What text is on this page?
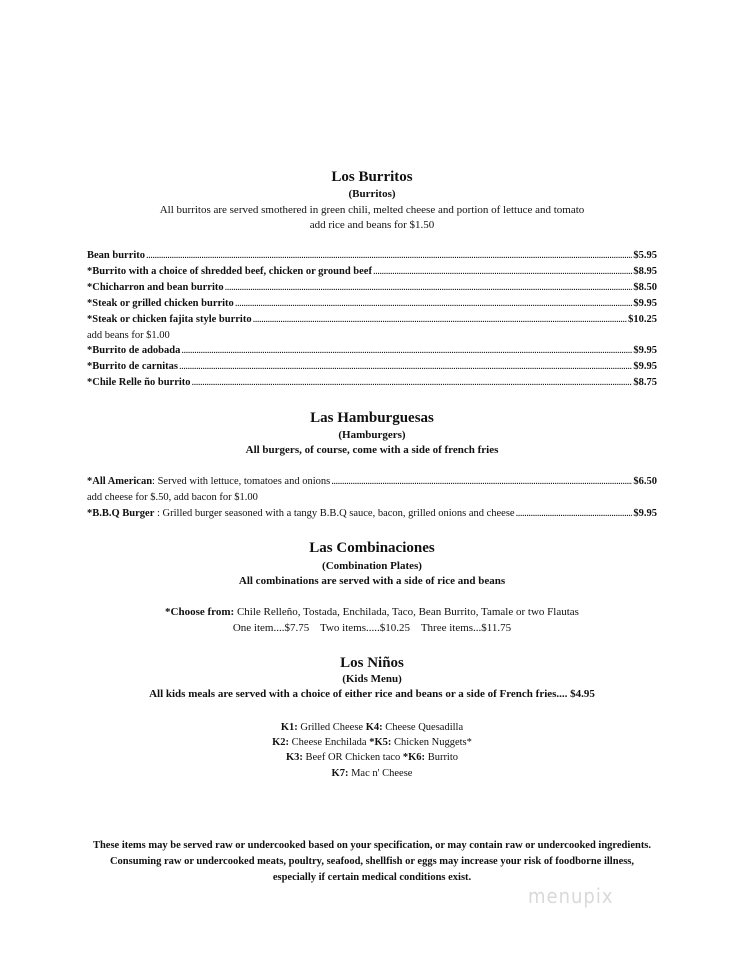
Los Burritos
(Burritos)
All burritos are served smothered in green chili, melted cheese and portion of lettuce and tomato
add rice and beans for $1.50
Bean burrito .....	$5.95
*Burrito with a choice of shredded beef, chicken or ground beef .....	$8.95
*Chicharron and bean burrito .....	$8.50
*Steak or grilled chicken burrito .....	$9.95
*Steak or chicken fajita style burrito .....	$10.25
add beans for $1.00
*Burrito de adobada .....	$9.95
*Burrito de carnitas .....	$9.95
*Chile Relle ño burrito .....	$8.75
Las Hamburguesas
(Hamburgers)
All burgers, of course, come with a side of french fries
*All American: Served with lettuce, tomatoes and onions .....	$6.50
add cheese for $.50, add bacon for $1.00
*B.B.Q Burger : Grilled burger seasoned with a tangy B.B.Q sauce, bacon, grilled onions and cheese .....	$9.95
Las Combinaciones
(Combination Plates)
All combinations are served with a side of rice and beans
*Choose from: Chile Relleño, Tostada, Enchilada, Taco, Bean Burrito, Tamale or two Flautas
One item....$7.75    Two items.....$10.25    Three items...$11.75
Los Niños
(Kids Menu)
All kids meals are served with a choice of either rice and beans or a side of French fries.... $4.95
K1: Grilled Cheese K4: Cheese Quesadilla
K2: Cheese Enchilada *K5: Chicken Nuggets*
K3: Beef OR Chicken taco *K6: Burrito
K7: Mac n' Cheese
These items may be served raw or undercooked based on your specification, or may contain raw or undercooked ingredients.
Consuming raw or undercooked meats, poultry, seafood, shellfish or eggs may increase your risk of foodborne illness,
especially if certain medical conditions exist.
menupix
